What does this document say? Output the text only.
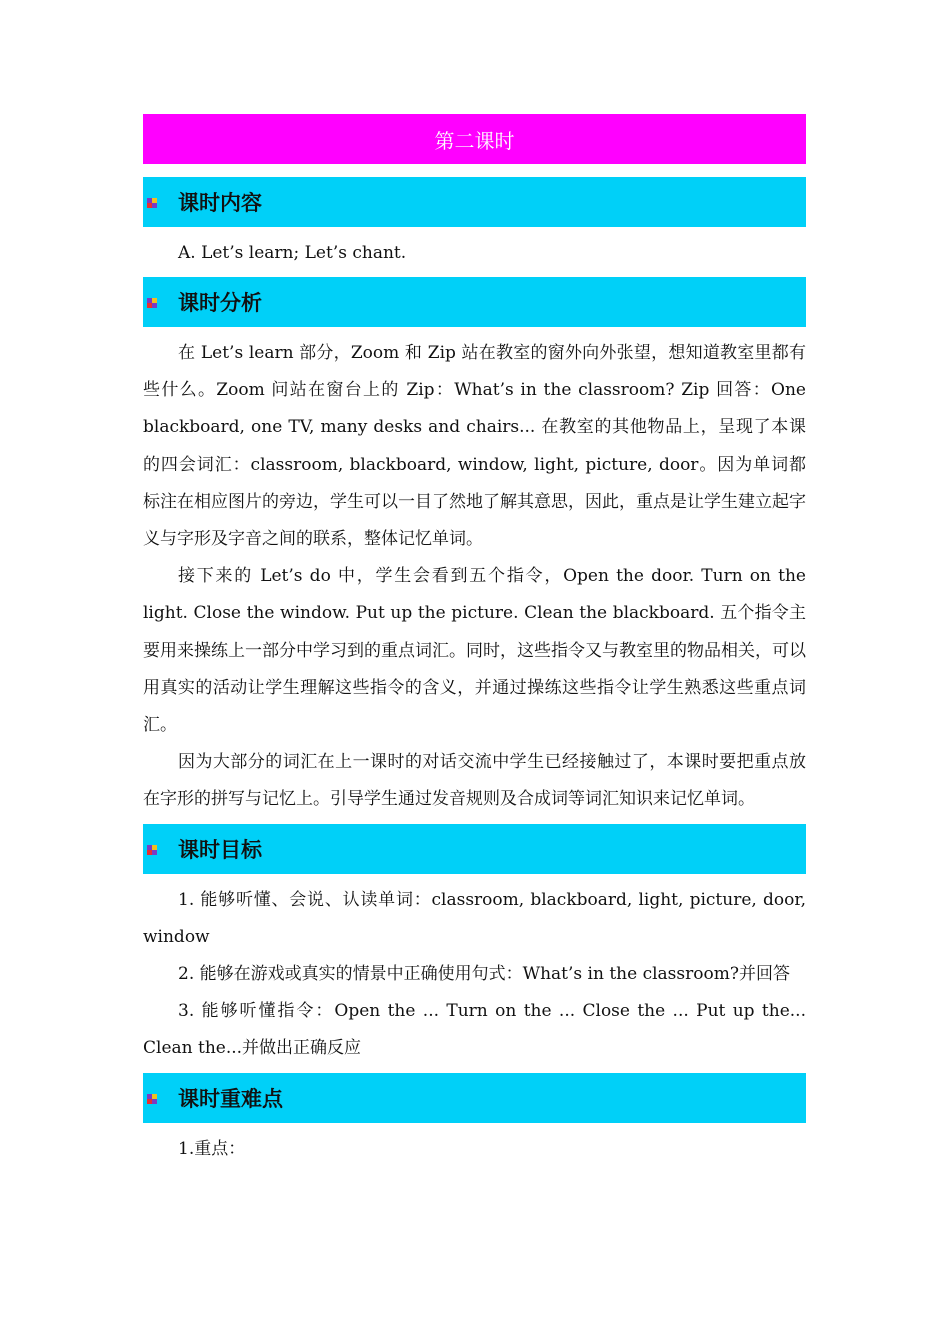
第二课时
课时内容

A. Let’s learn; Let’s chant.

课时分析

在 Let’s learn 部分，Zoom 和 Zip 站在教室的窗外向外张望，想知道教室里都有些什么。Zoom 问站在窗台上的 Zip：What’s in the classroom? Zip 回答：One blackboard, one TV, many desks and chairs... 在教室的其他物品上，呈现了本课的四会词汇：classroom, blackboard, window, light, picture, door。因为单词都标注在相应图片的旁边，学生可以一目了然地了解其意思，因此，重点是让学生建立起字义与字形及字音之间的联系，整体记忆单词。

接下来的 Let’s do 中，学生会看到五个指令，Open the door. Turn on the light. Close the window. Put up the picture. Clean the blackboard. 五个指令主要用来操练上一部分中学习到的重点词汇。同时，这些指令又与教室里的物品相关，可以用真实的活动让学生理解这些指令的含义，并通过操练这些指令让学生熟悉这些重点词汇。

因为大部分的词汇在上一课时的对话交流中学生已经接触过了，本课时要把重点放在字形的拼写与记忆上。引导学生通过发音规则及合成词等词汇知识来记忆单词。

课时目标

1. 能够听懂、会说、认读单词：classroom, blackboard, light, picture, door, window

2. 能够在游戏或真实的情景中正确使用句式：What’s in the classroom?并回答

3. 能够听懂指令：Open the ... Turn on the ... Close the ... Put up the... Clean the...并做出正确反应

课时重难点

1.重点：
